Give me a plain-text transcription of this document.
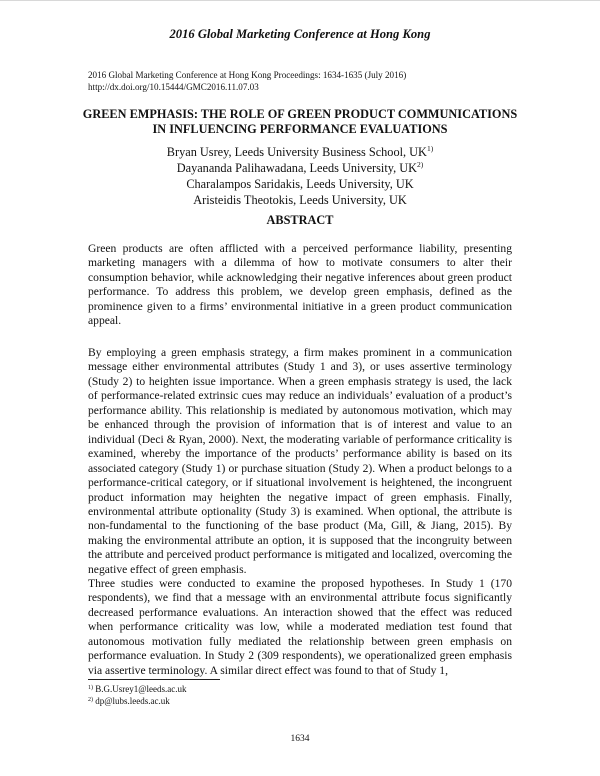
2016 Global Marketing Conference at Hong Kong
2016 Global Marketing Conference at Hong Kong Proceedings: 1634-1635 (July 2016)
http://dx.doi.org/10.15444/GMC2016.11.07.03
GREEN EMPHASIS: THE ROLE OF GREEN PRODUCT COMMUNICATIONS
IN INFLUENCING PERFORMANCE EVALUATIONS
Bryan Usrey, Leeds University Business School, UK$^{1)}$
Dayananda Palihawadana, Leeds University, UK$^{2)}$
Charalampos Saridakis, Leeds University, UK
Aristeidis Theotokis, Leeds University, UK
ABSTRACT

Green products are often afflicted with a perceived performance liability, presenting marketing managers with a dilemma of how to motivate consumers to alter their consumption behavior, while acknowledging their negative inferences about green product performance. To address this problem, we develop green emphasis, defined as the prominence given to a firms’ environmental initiative in a green product communication appeal.

By employing a green emphasis strategy, a firm makes prominent in a communication message either environmental attributes (Study 1 and 3), or uses assertive terminology (Study 2) to heighten issue importance. When a green emphasis strategy is used, the lack of performance-related extrinsic cues may reduce an individuals’ evaluation of a product’s performance ability. This relationship is mediated by autonomous motivation, which may be enhanced through the provision of information that is of interest and value to an individual (Deci & Ryan, 2000). Next, the moderating variable of performance criticality is examined, whereby the importance of the products’ performance ability is based on its associated category (Study 1) or purchase situation (Study 2). When a product belongs to a performance-critical category, or if situational involvement is heightened, the incongruent product information may heighten the negative impact of green emphasis. Finally, environmental attribute optionality (Study 3) is examined. When optional, the attribute is non-fundamental to the functioning of the base product (Ma, Gill, & Jiang, 2015). By making the environmental attribute an option, it is supposed that the incongruity between the attribute and perceived product performance is mitigated and localized, overcoming the negative effect of green emphasis.

Three studies were conducted to examine the proposed hypotheses. In Study 1 (170 respondents), we find that a message with an environmental attribute focus significantly decreased performance evaluations. An interaction showed that the effect was reduced when performance criticality was low, while a moderated mediation test found that autonomous motivation fully mediated the relationship between green emphasis on performance evaluation. In Study 2 (309 respondents), we operationalized green emphasis via assertive terminology. A similar direct effect was found to that of Study 1,

$^{1)}$ B.G.Usrey1@leeds.ac.uk
$^{2)}$ dp@lubs.leeds.ac.uk
1634
